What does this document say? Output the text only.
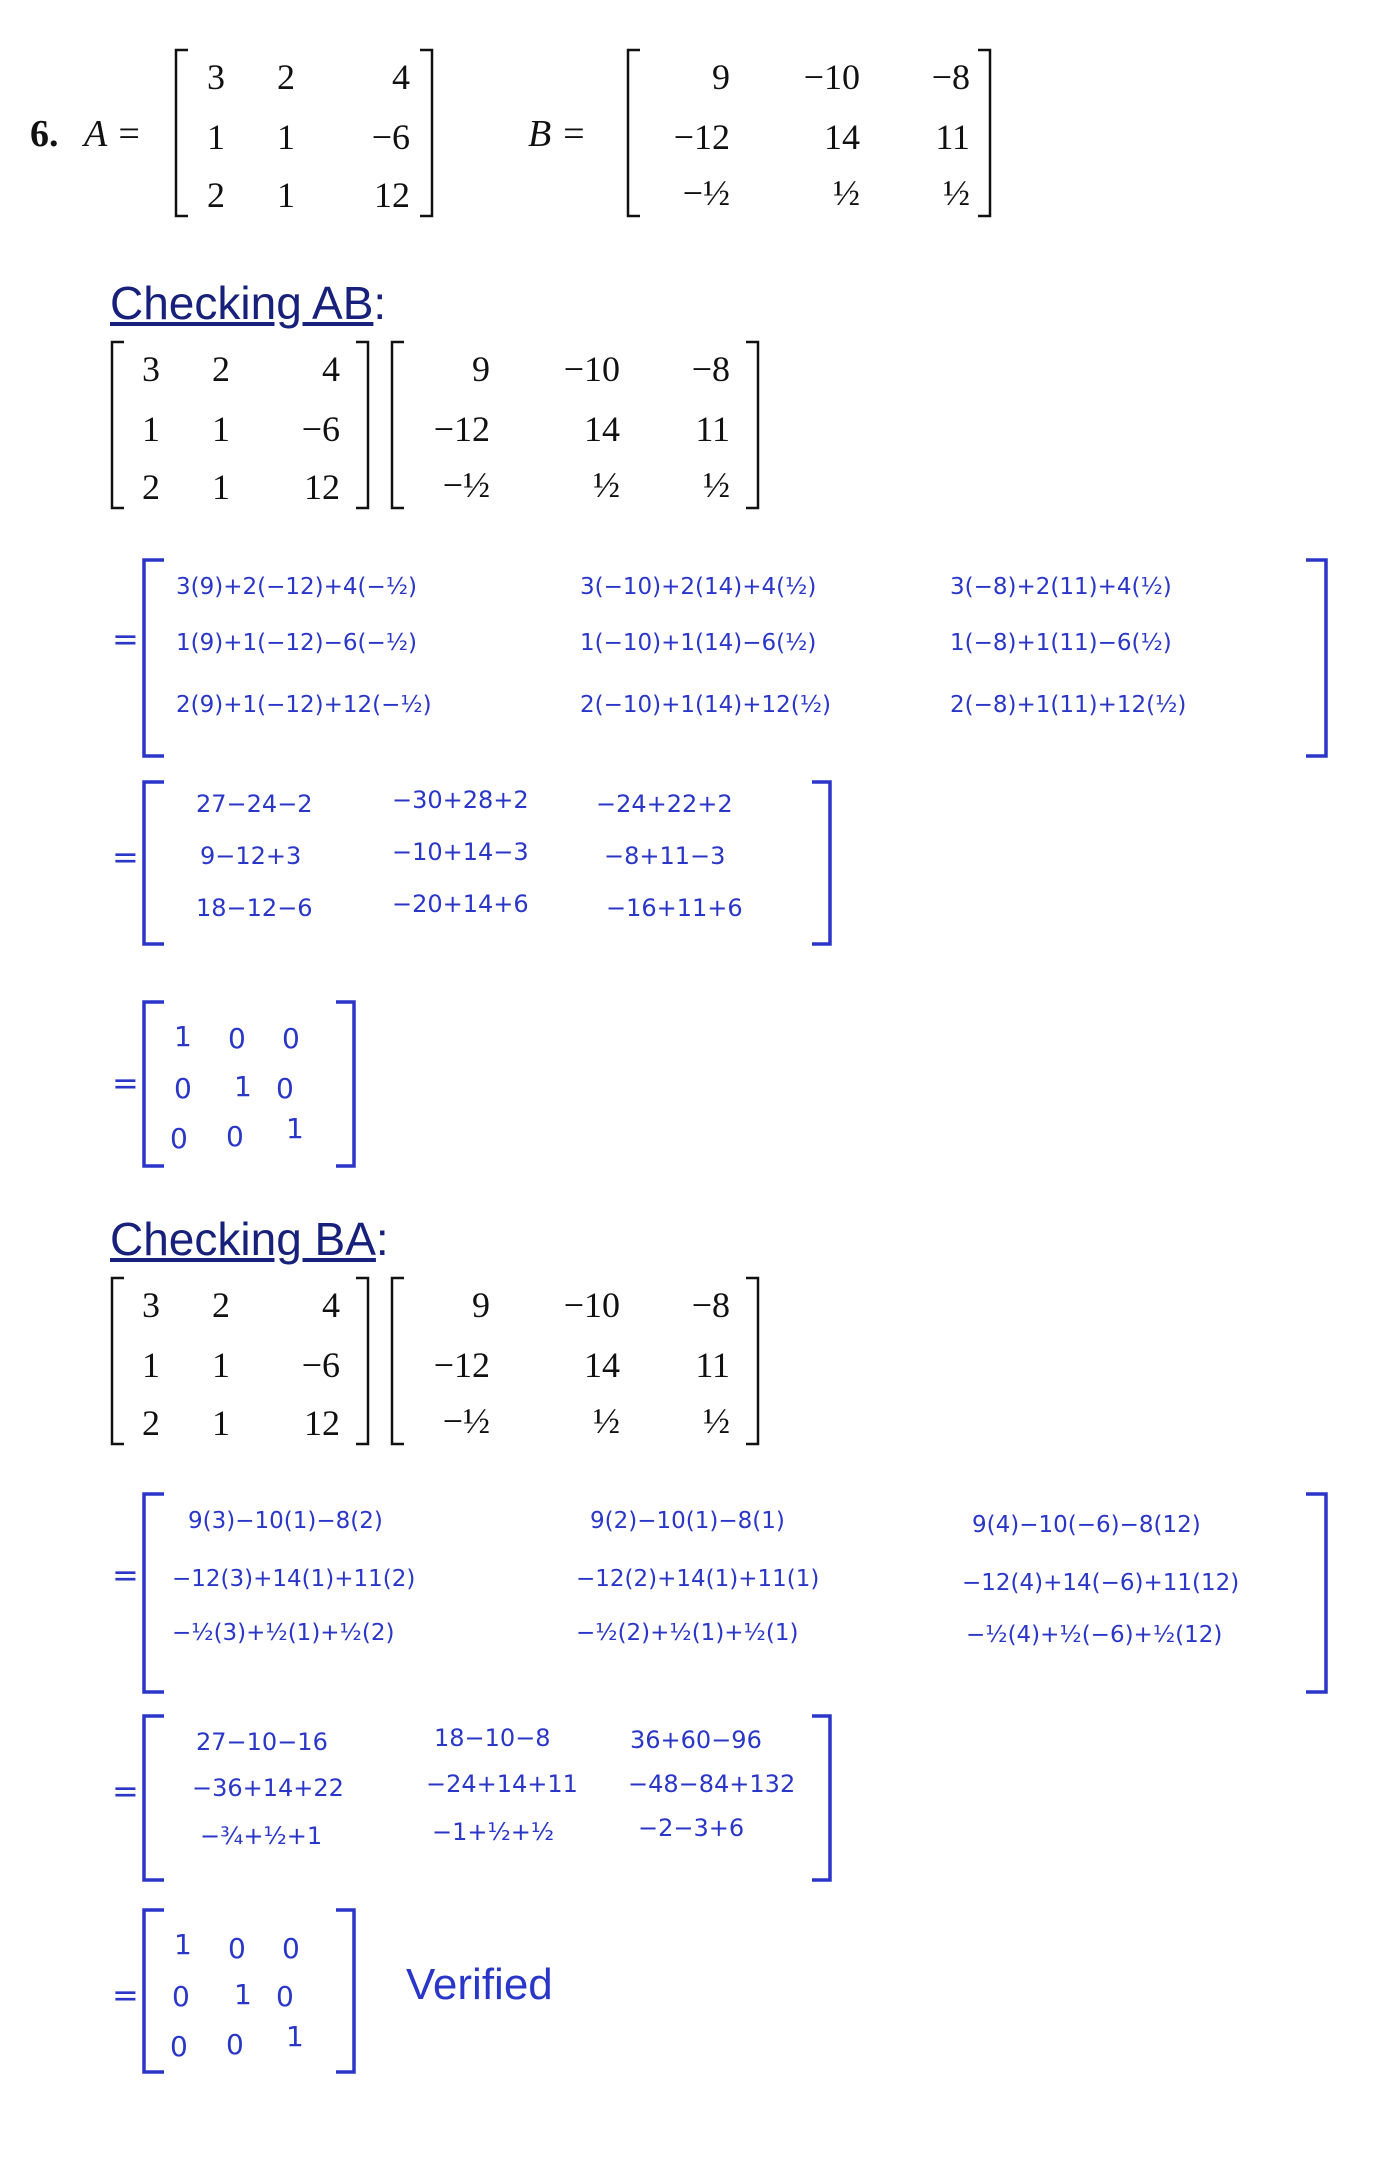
6. A =
3	2	4
1	1	−6
2	1	12
B =
9	−10	−8
−12	14	11
−½	½	½
Checking AB:
3	2	4
1	1	−6
2	1	12
9	−10	−8
−12	14	11
−½	½	½
=
3(9)+2(−12)+4(−½)	3(−10)+2(14)+4(½)	3(−8)+2(11)+4(½)
1(9)+1(−12)−6(−½)	1(−10)+1(14)−6(½)	1(−8)+1(11)−6(½)
2(9)+1(−12)+12(−½)	2(−10)+1(14)+12(½)	2(−8)+1(11)+12(½)
=
27−24−2	−30+28+2	−24+22+2
9−12+3	−10+14−3	−8+11−3
18−12−6	−20+14+6	−16+11+6
=
1 0 0
0 1 0
0 0 1
Checking BA:
3	2	4
1	1	−6
2	1	12
9	−10	−8
−12	14	11
−½	½	½
=
9(3)−10(1)−8(2)	9(2)−10(1)−8(1)	9(4)−10(−6)−8(12)
−12(3)+14(1)+11(2)	−12(2)+14(1)+11(1)	−12(4)+14(−6)+11(12)
−½(3)+½(1)+½(2)	−½(2)+½(1)+½(1)	−½(4)+½(−6)+½(12)
=
27−10−16	18−10−8	36+60−96
−36+14+22	−24+14+11 −48−84+132
−¾+½+1	−1+½+½	−2−3+6
=
1 0 0
0 1 0
0 0 1
Verified
